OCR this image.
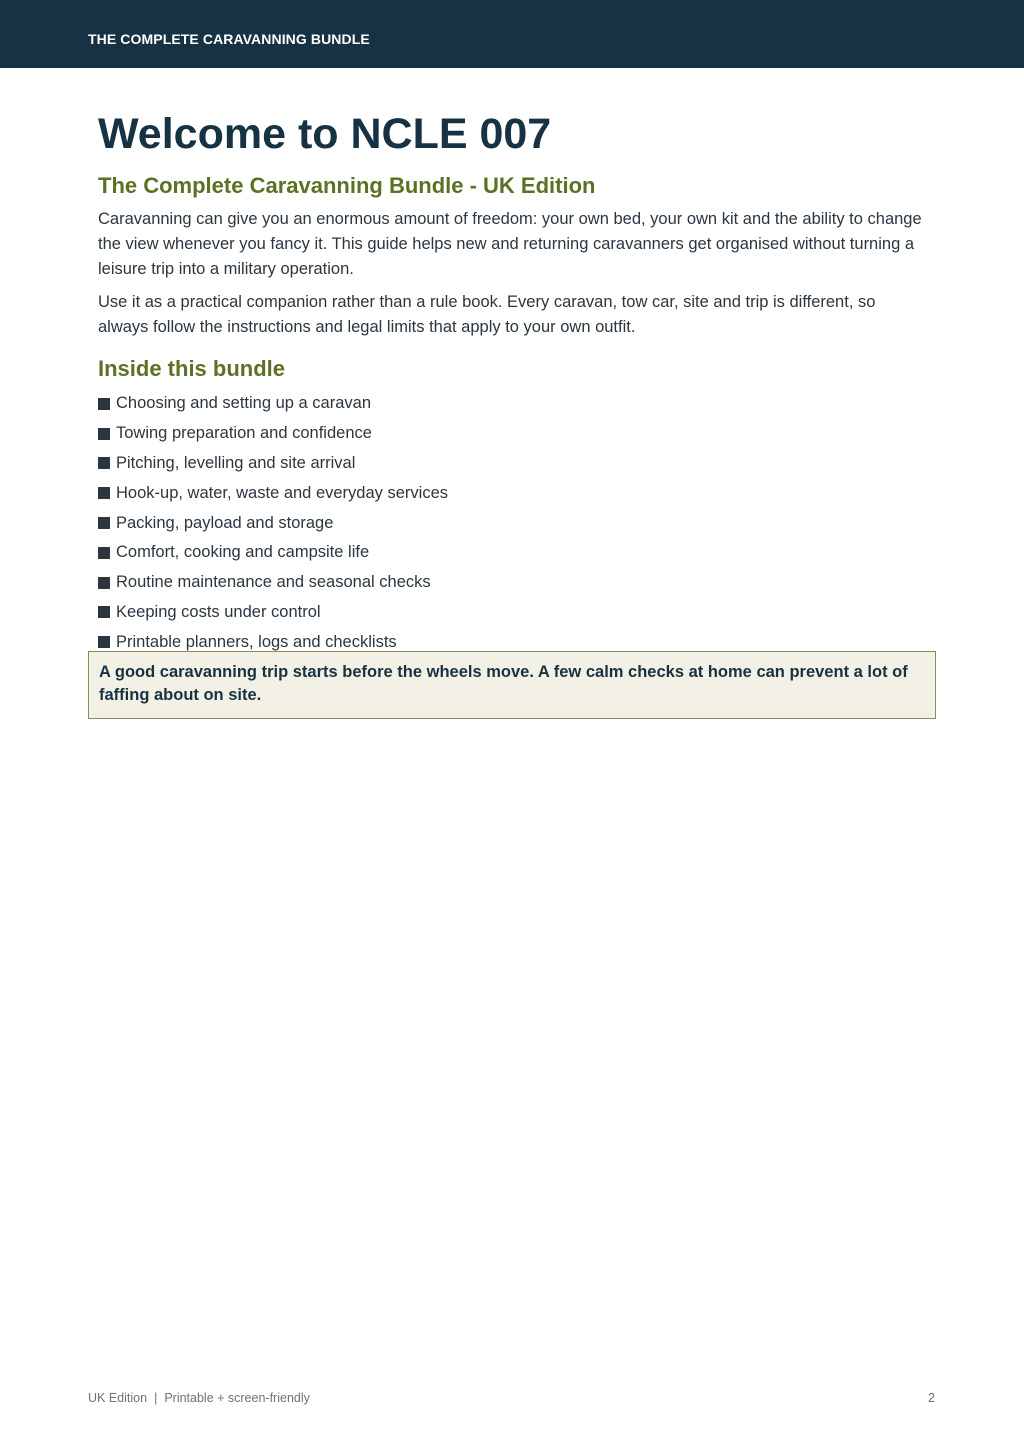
THE COMPLETE CARAVANNING BUNDLE
Welcome to NCLE 007
The Complete Caravanning Bundle - UK Edition

Caravanning can give you an enormous amount of freedom: your own bed, your own kit and the ability to change the view whenever you fancy it. This guide helps new and returning caravanners get organised without turning a leisure trip into a military operation.

Use it as a practical companion rather than a rule book. Every caravan, tow car, site and trip is different, so always follow the instructions and legal limits that apply to your own outfit.

Inside this bundle
Choosing and setting up a caravan
Towing preparation and confidence
Pitching, levelling and site arrival
Hook-up, water, waste and everyday services
Packing, payload and storage
Comfort, cooking and campsite life
Routine maintenance and seasonal checks
Keeping costs under control
Printable planners, logs and checklists
A good caravanning trip starts before the wheels move. A few calm checks at home can prevent a lot of faffing about on site.
UK Edition | Printable + screen-friendly	2
